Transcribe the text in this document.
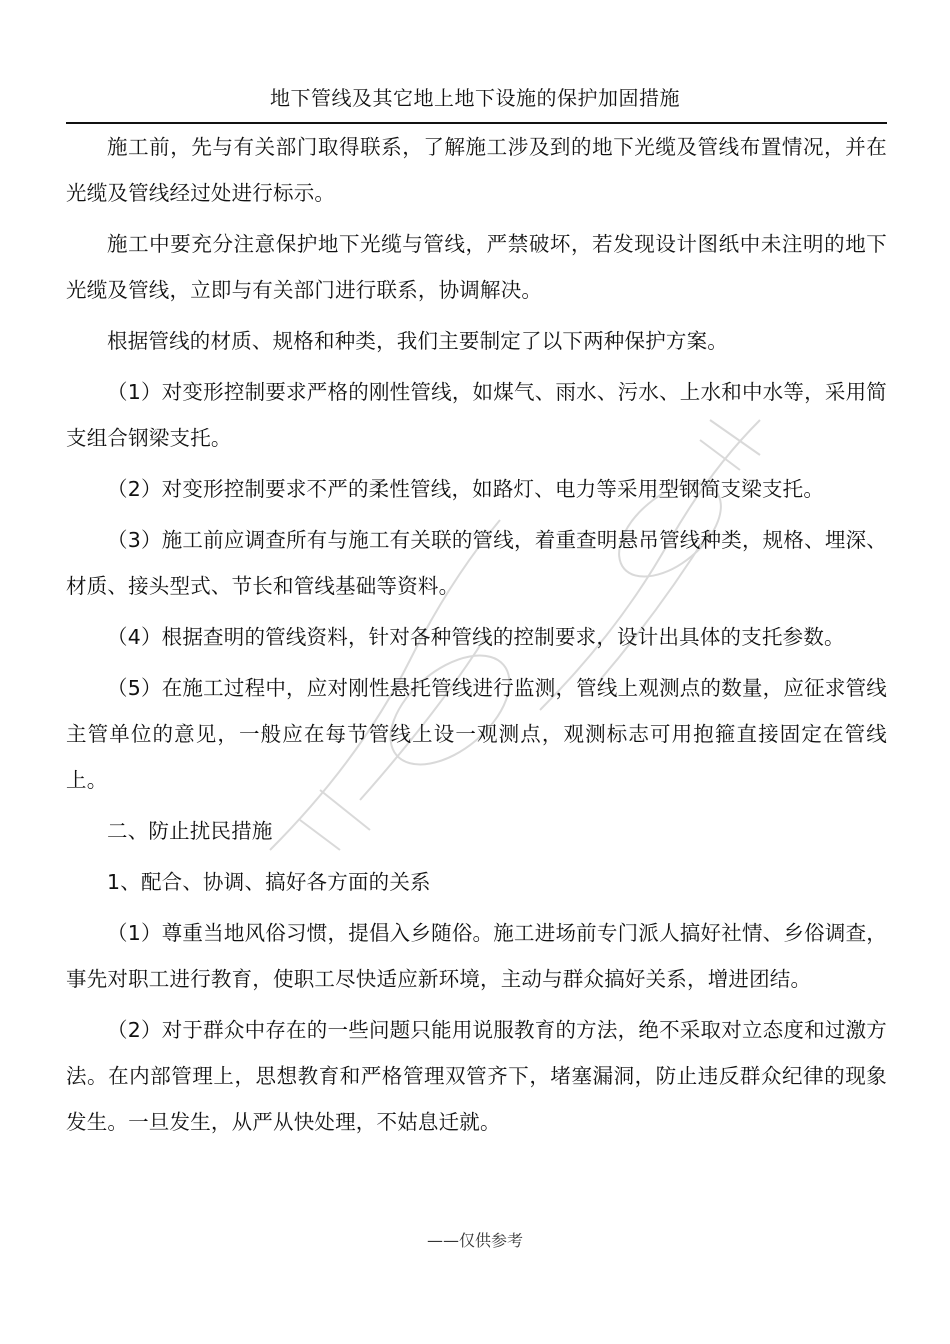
地下管线及其它地上地下设施的保护加固措施

施工前，先与有关部门取得联系，了解施工涉及到的地下光缆及管线布置情况，并在光缆及管线经过处进行标示。

施工中要充分注意保护地下光缆与管线，严禁破坏，若发现设计图纸中未注明的地下光缆及管线，立即与有关部门进行联系，协调解决。

根据管线的材质、规格和种类，我们主要制定了以下两种保护方案。

（1）对变形控制要求严格的刚性管线，如煤气、雨水、污水、上水和中水等，采用简支组合钢梁支托。

（2）对变形控制要求不严的柔性管线，如路灯、电力等采用型钢简支梁支托。

（3）施工前应调查所有与施工有关联的管线，着重查明悬吊管线种类，规格、埋深、材质、接头型式、节长和管线基础等资料。

（4）根据查明的管线资料，针对各种管线的控制要求，设计出具体的支托参数。

（5）在施工过程中，应对刚性悬托管线进行监测，管线上观测点的数量，应征求管线主管单位的意见，一般应在每节管线上设一观测点，观测标志可用抱箍直接固定在管线上。

二、防止扰民措施

1、配合、协调、搞好各方面的关系

（1）尊重当地风俗习惯，提倡入乡随俗。施工进场前专门派人搞好社情、乡俗调查，事先对职工进行教育，使职工尽快适应新环境，主动与群众搞好关系，增进团结。

（2）对于群众中存在的一些问题只能用说服教育的方法，绝不采取对立态度和过激方法。在内部管理上，思想教育和严格管理双管齐下，堵塞漏洞，防止违反群众纪律的现象发生。一旦发生，从严从快处理，不姑息迁就。

——仅供参考
